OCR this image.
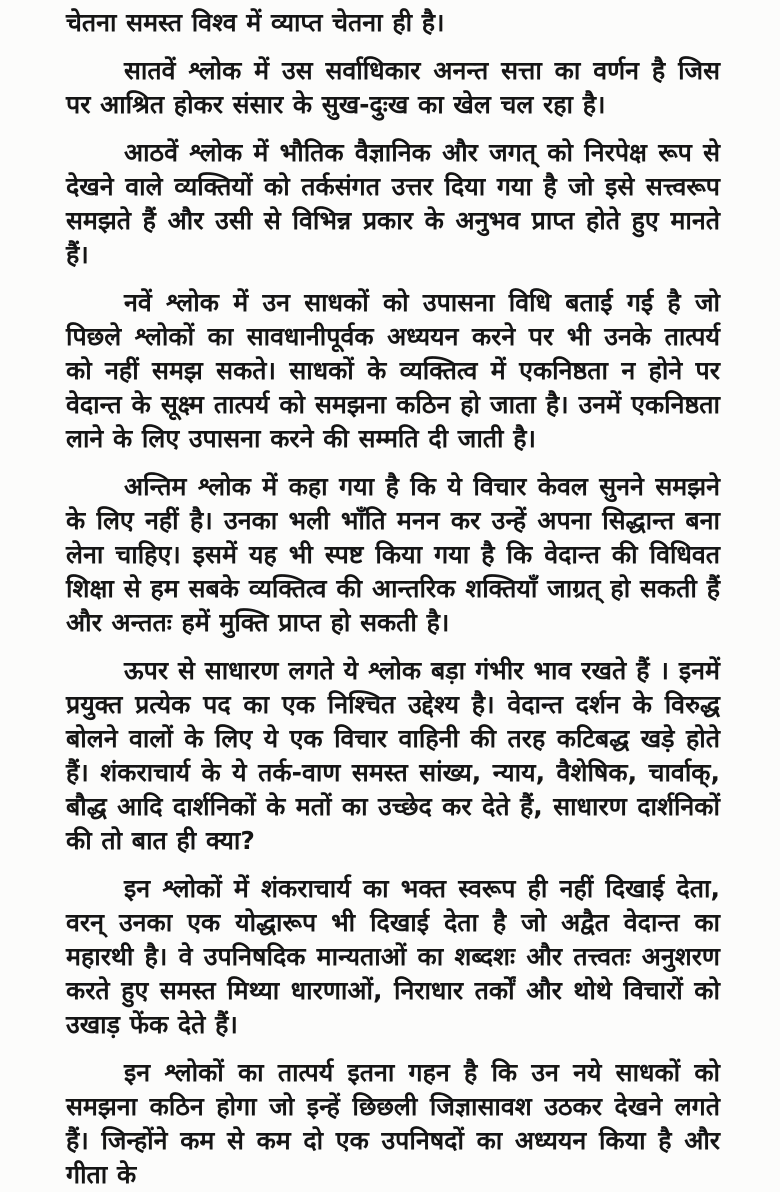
चेतना समस्त विश्व में व्याप्त चेतना ही है।

सातवें श्लोक में उस सर्वाधिकार अनन्त सत्ता का वर्णन है जिस पर आश्रित होकर संसार के सुख-दुःख का खेल चल रहा है।

आठवें श्लोक में भौतिक वैज्ञानिक और जगत् को निरपेक्ष रूप से देखने वाले व्यक्तियों को तर्कसंगत उत्तर दिया गया है जो इसे सत्त्वरूप समझते हैं और उसी से विभिन्न प्रकार के अनुभव प्राप्त होते हुए मानते हैं।

नवें श्लोक में उन साधकों को उपासना विधि बताई गई है जो पिछले श्लोकों का सावधानीपूर्वक अध्ययन करने पर भी उनके तात्पर्य को नहीं समझ सकते। साधकों के व्यक्तित्व में एकनिष्ठता न होने पर वेदान्त के सूक्ष्म तात्पर्य को समझना कठिन हो जाता है। उनमें एकनिष्ठता लाने के लिए उपासना करने की सम्मति दी जाती है।

अन्तिम श्लोक में कहा गया है कि ये विचार केवल सुनने समझने के लिए नहीं है। उनका भली भाँति मनन कर उन्हें अपना सिद्धान्त बना लेना चाहिए। इसमें यह भी स्पष्ट किया गया है कि वेदान्त की विधिवत शिक्षा से हम सबके व्यक्तित्व की आन्तरिक शक्तियाँ जाग्रत् हो सकती हैं और अन्ततः हमें मुक्ति प्राप्त हो सकती है।

ऊपर से साधारण लगते ये श्लोक बड़ा गंभीर भाव रखते हैं । इनमें प्रयुक्त प्रत्येक पद का एक निश्चित उद्देश्य है। वेदान्त दर्शन के विरुद्ध बोलने वालों के लिए ये एक विचार वाहिनी की तरह कटिबद्ध खड़े होते हैं। शंकराचार्य के ये तर्क-वाण समस्त सांख्य, न्याय, वैशेषिक, चार्वाक्, बौद्ध आदि दार्शनिकों के मतों का उच्छेद कर देते हैं, साधारण दार्शनिकों की तो बात ही क्या?

इन श्लोकों में शंकराचार्य का भक्त स्वरूप ही नहीं दिखाई देता, वरन् उनका एक योद्धारूप भी दिखाई देता है जो अद्वैत वेदान्त का महारथी है। वे उपनिषदिक मान्यताओं का शब्दशः और तत्त्वतः अनुशरण करते हुए समस्त मिथ्या धारणाओं, निराधार तर्कों और थोथे विचारों को उखाड़ फेंक देते हैं।

इन श्लोकों का तात्पर्य इतना गहन है कि उन नये साधकों को समझना कठिन होगा जो इन्हें छिछली जिज्ञासावश उठकर देखने लगते हैं। जिन्होंने कम से कम दो एक उपनिषदों का अध्ययन किया है और गीता के
